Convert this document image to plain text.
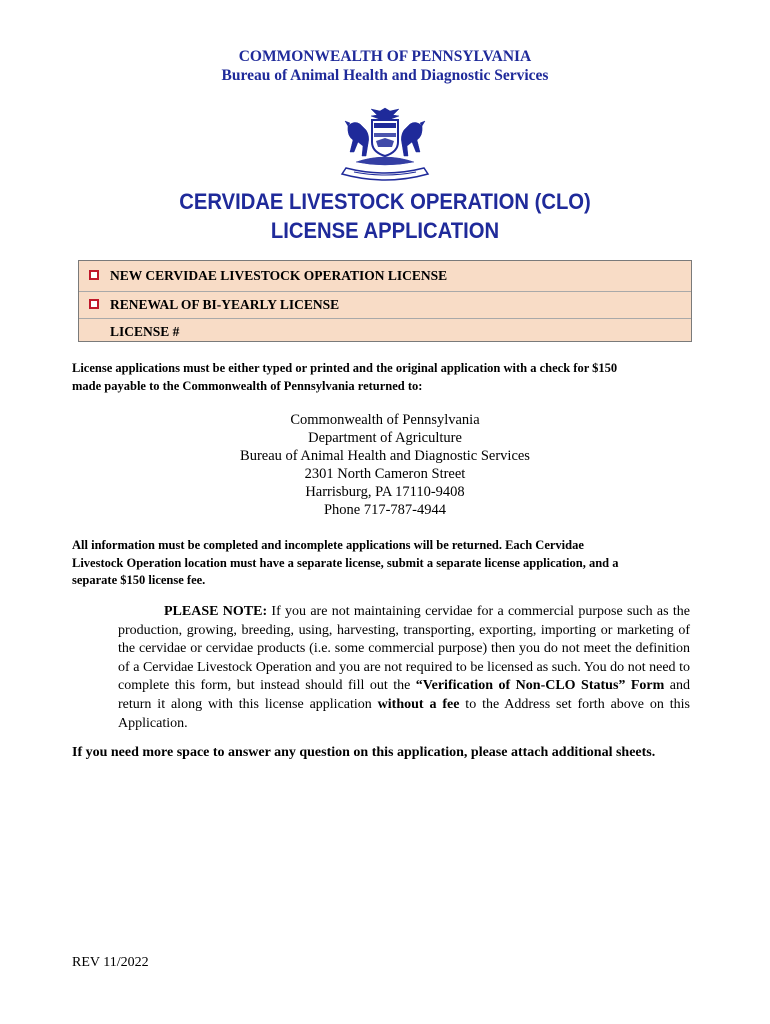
COMMONWEALTH OF PENNSYLVANIA
Bureau of Animal Health and Diagnostic Services
CERVIDAE LIVESTOCK OPERATION (CLO)
LICENSE APPLICATION
NEW CERVIDAE LIVESTOCK OPERATION LICENSE
RENEWAL OF BI-YEARLY LICENSE
LICENSE #
License applications must be either typed or printed and the original application with a check for $150
made payable to the Commonwealth of Pennsylvania returned to:
Commonwealth of Pennsylvania
Department of Agriculture
Bureau of Animal Health and Diagnostic Services
2301 North Cameron Street
Harrisburg, PA 17110-9408
Phone 717-787-4944
All information must be completed and incomplete applications will be returned. Each Cervidae
Livestock Operation location must have a separate license, submit a separate license application, and a
separate $150 license fee.
PLEASE NOTE: If you are not maintaining cervidae for a commercial purpose such as the production, growing, breeding, using, harvesting, transporting, exporting, importing or marketing of the cervidae or cervidae products (i.e. some commercial purpose) then you do not meet the definition of a Cervidae Livestock Operation and you are not required to be licensed as such. You do not need to complete this form, but instead should fill out the “Verification of Non-CLO Status” Form and return it along with this license application without a fee to the Address set forth above on this Application.
If you need more space to answer any question on this application, please attach additional sheets.
REV 11/2022
